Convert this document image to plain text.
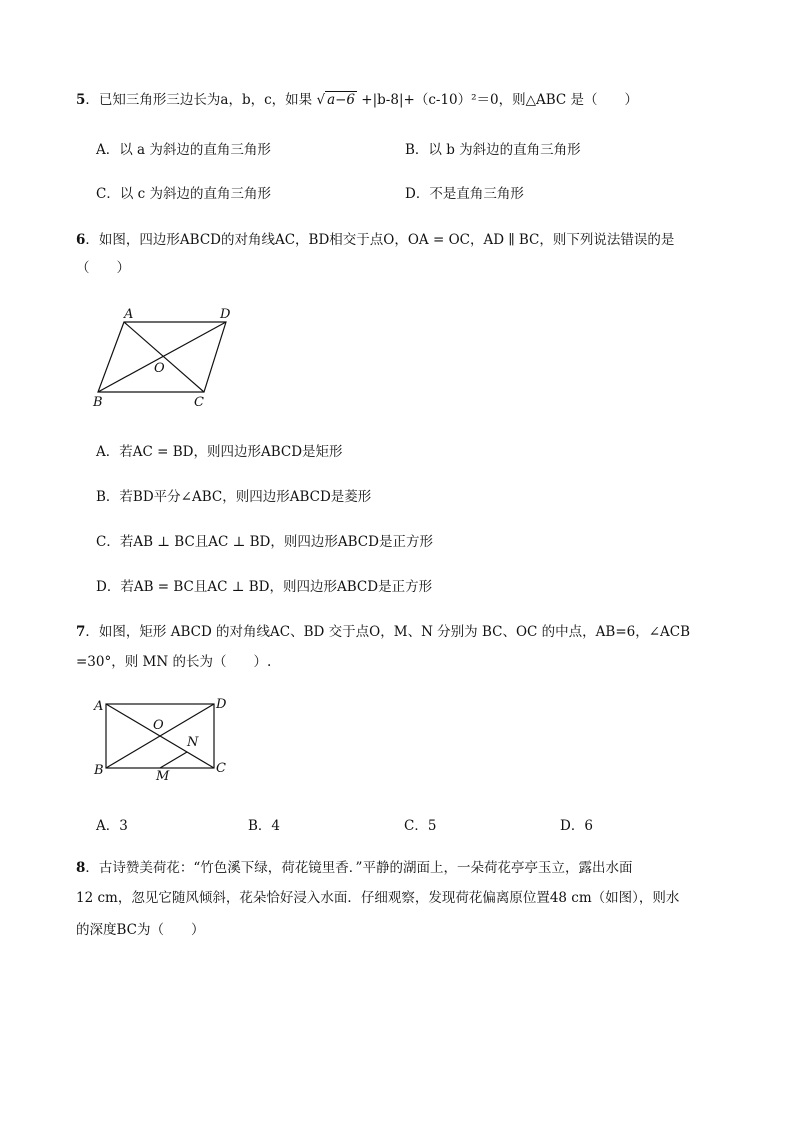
5．已知三角形三边长为a，b，c，如果 √ a−6 +|b-8|+（c-10）²＝0，则△ABC 是（　　）
A．以 a 为斜边的直角三角形	B．以 b 为斜边的直角三角形
C．以 c 为斜边的直角三角形	D．不是直角三角形
6．如图，四边形ABCD的对角线AC，BD相交于点O，OA = OC，AD ∥ BC，则下列说法错误的是
（　　）
A	D
B	C
O
A．若AC = BD，则四边形ABCD是矩形
B．若BD平分∠ABC，则四边形ABCD是菱形
C．若AB ⊥ BC且AC ⊥ BD，则四边形ABCD是正方形
D．若AB = BC且AC ⊥ BD，则四边形ABCD是正方形
7．如图，矩形 ABCD 的对角线AC、BD 交于点O，M、N 分别为 BC、OC 的中点，AB=6，∠ACB
=30°，则 MN 的长为（　　）.
A	D
B	C
O
N
M
A．3	B．4	C．5	D．6
8．古诗赞美荷花：“竹色溪下绿，荷花镜里香．”平静的湖面上，一朵荷花亭亭玉立，露出水面
12 cm，忽见它随风倾斜，花朵恰好浸入水面．仔细观察，发现荷花偏离原位置48 cm（如图），则水
的深度BC为（　　）
